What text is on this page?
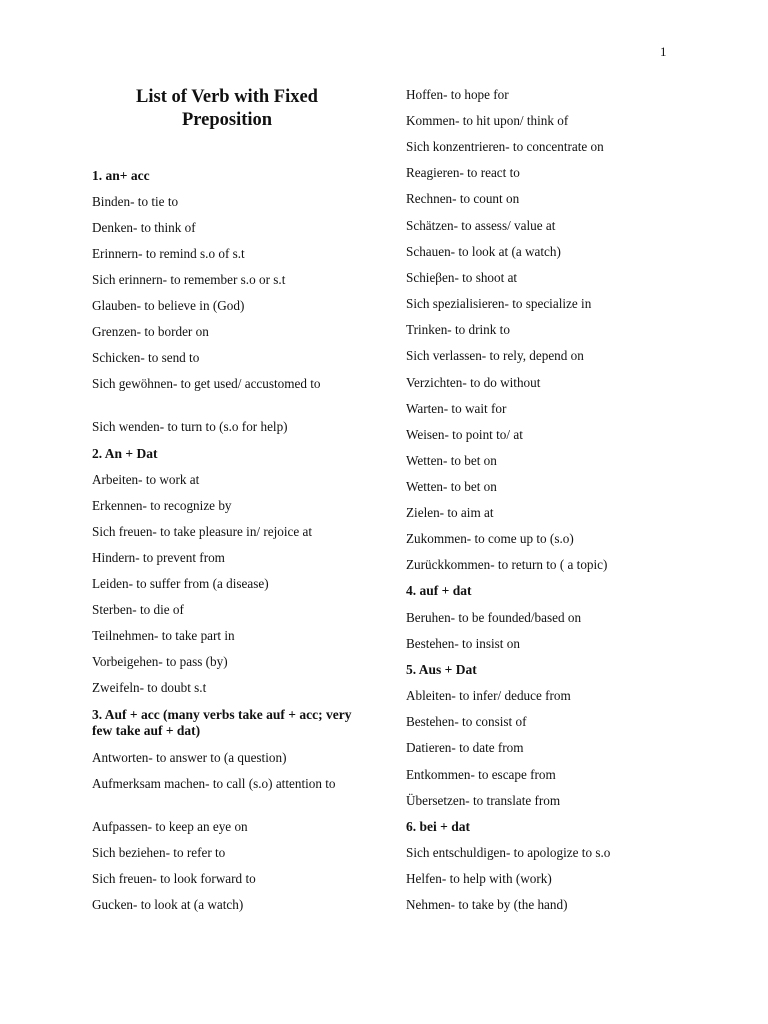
1
List of Verb with Fixed
Preposition
1. an+ acc
Binden- to tie to
Denken- to think of
Erinnern- to remind s.o of s.t
Sich erinnern- to remember s.o or s.t
Glauben- to believe in (God)
Grenzen- to border on
Schicken- to send to
Sich gewöhnen- to get used/ accustomed to
Sich wenden- to turn to (s.o for help)
2. An + Dat
Arbeiten- to work at
Erkennen- to recognize by
Sich freuen- to take pleasure in/ rejoice at
Hindern- to prevent from
Leiden- to suffer from (a disease)
Sterben- to die of
Teilnehmen- to take part in
Vorbeigehen- to pass (by)
Zweifeln- to doubt s.t
3. Auf + acc (many verbs take auf + acc; very few take auf + dat)
Antworten- to answer to (a question)
Aufmerksam machen- to call (s.o) attention to
Aufpassen- to keep an eye on
Sich beziehen- to refer to
Sich freuen- to look forward to
Gucken- to look at (a watch)
Hoffen- to hope for
Kommen- to hit upon/ think of
Sich konzentrieren- to concentrate on
Reagieren- to react to
Rechnen- to count on
Schätzen- to assess/ value at
Schauen- to look at (a watch)
Schieβen- to shoot at
Sich spezialisieren- to specialize in
Trinken- to drink to
Sich verlassen- to rely, depend on
Verzichten- to do without
Warten- to wait for
Weisen- to point to/ at
Wetten- to bet on
Wetten- to bet on
Zielen- to aim at
Zukommen- to come up to (s.o)
Zurückkommen- to return to ( a topic)
4. auf + dat
Beruhen- to be founded/based on
Bestehen- to insist on
5. Aus + Dat
Ableiten- to infer/ deduce from
Bestehen- to consist of
Datieren- to date from
Entkommen- to escape from
Übersetzen- to translate from
6. bei + dat
Sich entschuldigen- to apologize to s.o
Helfen- to help with (work)
Nehmen- to take by (the hand)
